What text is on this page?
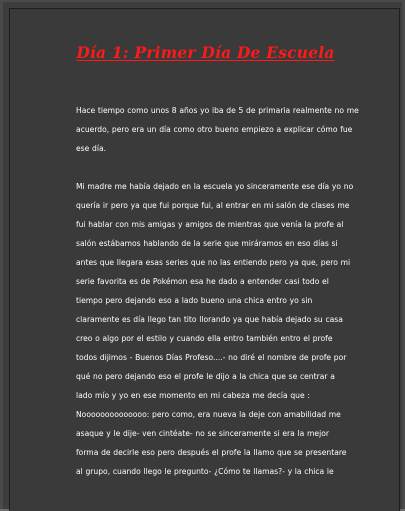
Día 1: Primer Día De Escuela
Hace tiempo como unos 8 años yo iba de 5 de primaria realmente no me
acuerdo, pero era un día como otro bueno empiezo a explicar cómo fue
ese día.
Mi madre me había dejado en la escuela yo sinceramente ese día yo no
quería ir pero ya que fui porque fui, al entrar en mi salón de clases me
fui hablar con mis amigas y amigos de mientras que venía la profe al
salón estábamos hablando de la serie que miráramos en eso días si
antes que llegara esas series que no las entiendo pero ya que, pero mi
serie favorita es de Pokémon esa he dado a entender casi todo el
tiempo pero dejando eso a lado bueno una chica entro yo sin
claramente es día llego tan tito llorando ya que había dejado su casa
creo o algo por el estilo y cuando ella entro también entro el profe
todos dijimos - Buenos Días Profeso....- no diré el nombre de profe por
qué no pero dejando eso el profe le dijo a la chica que se centrar a
lado mío y yo en ese momento en mi cabeza me decía que :
Noooooooooooooo: pero como, era nueva la deje con amabilidad me
asaque y le dije- ven cintéate- no se sinceramente si era la mejor
forma de decirle eso pero después el profe la llamo que se presentare
al grupo, cuando llego le pregunto- ¿Cómo te llamas?- y la chica le
